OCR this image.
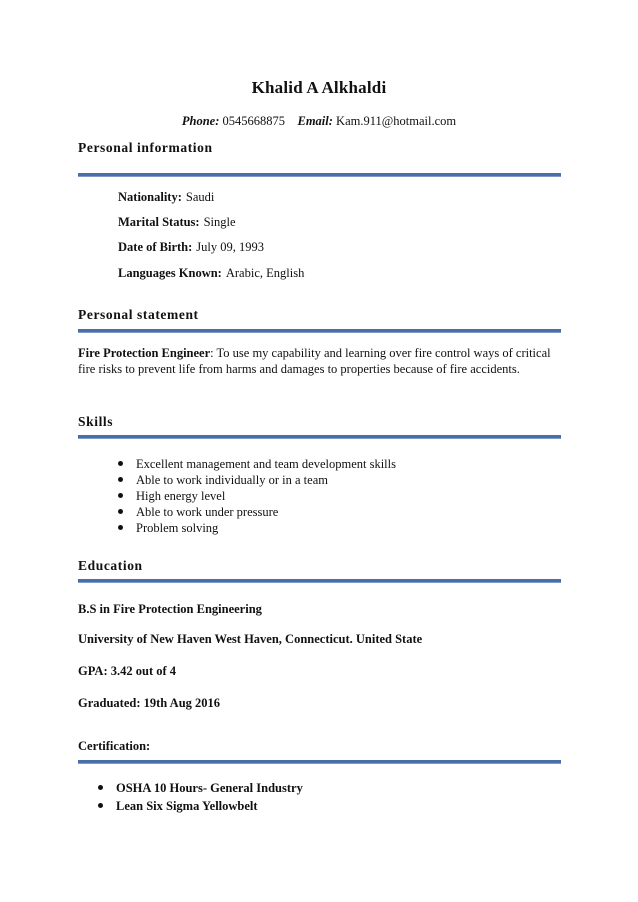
Khalid A Alkhaldi
Phone: 0545668875 Email: Kam.911@hotmail.com
Personal information
Nationality: Saudi
Marital Status: Single
Date of Birth: July 09, 1993
Languages Known: Arabic, English
Personal statement
Fire Protection Engineer: To use my capability and learning over fire control ways of critical fire risks to prevent life from harms and damages to properties because of fire accidents.
Skills
Excellent management and team development skills
Able to work individually or in a team
High energy level
Able to work under pressure
Problem solving
Education
B.S in Fire Protection Engineering
University of New Haven West Haven, Connecticut. United State
GPA: 3.42 out of 4
Graduated: 19th Aug 2016
Certification:
OSHA 10 Hours- General Industry
Lean Six Sigma Yellowbelt
